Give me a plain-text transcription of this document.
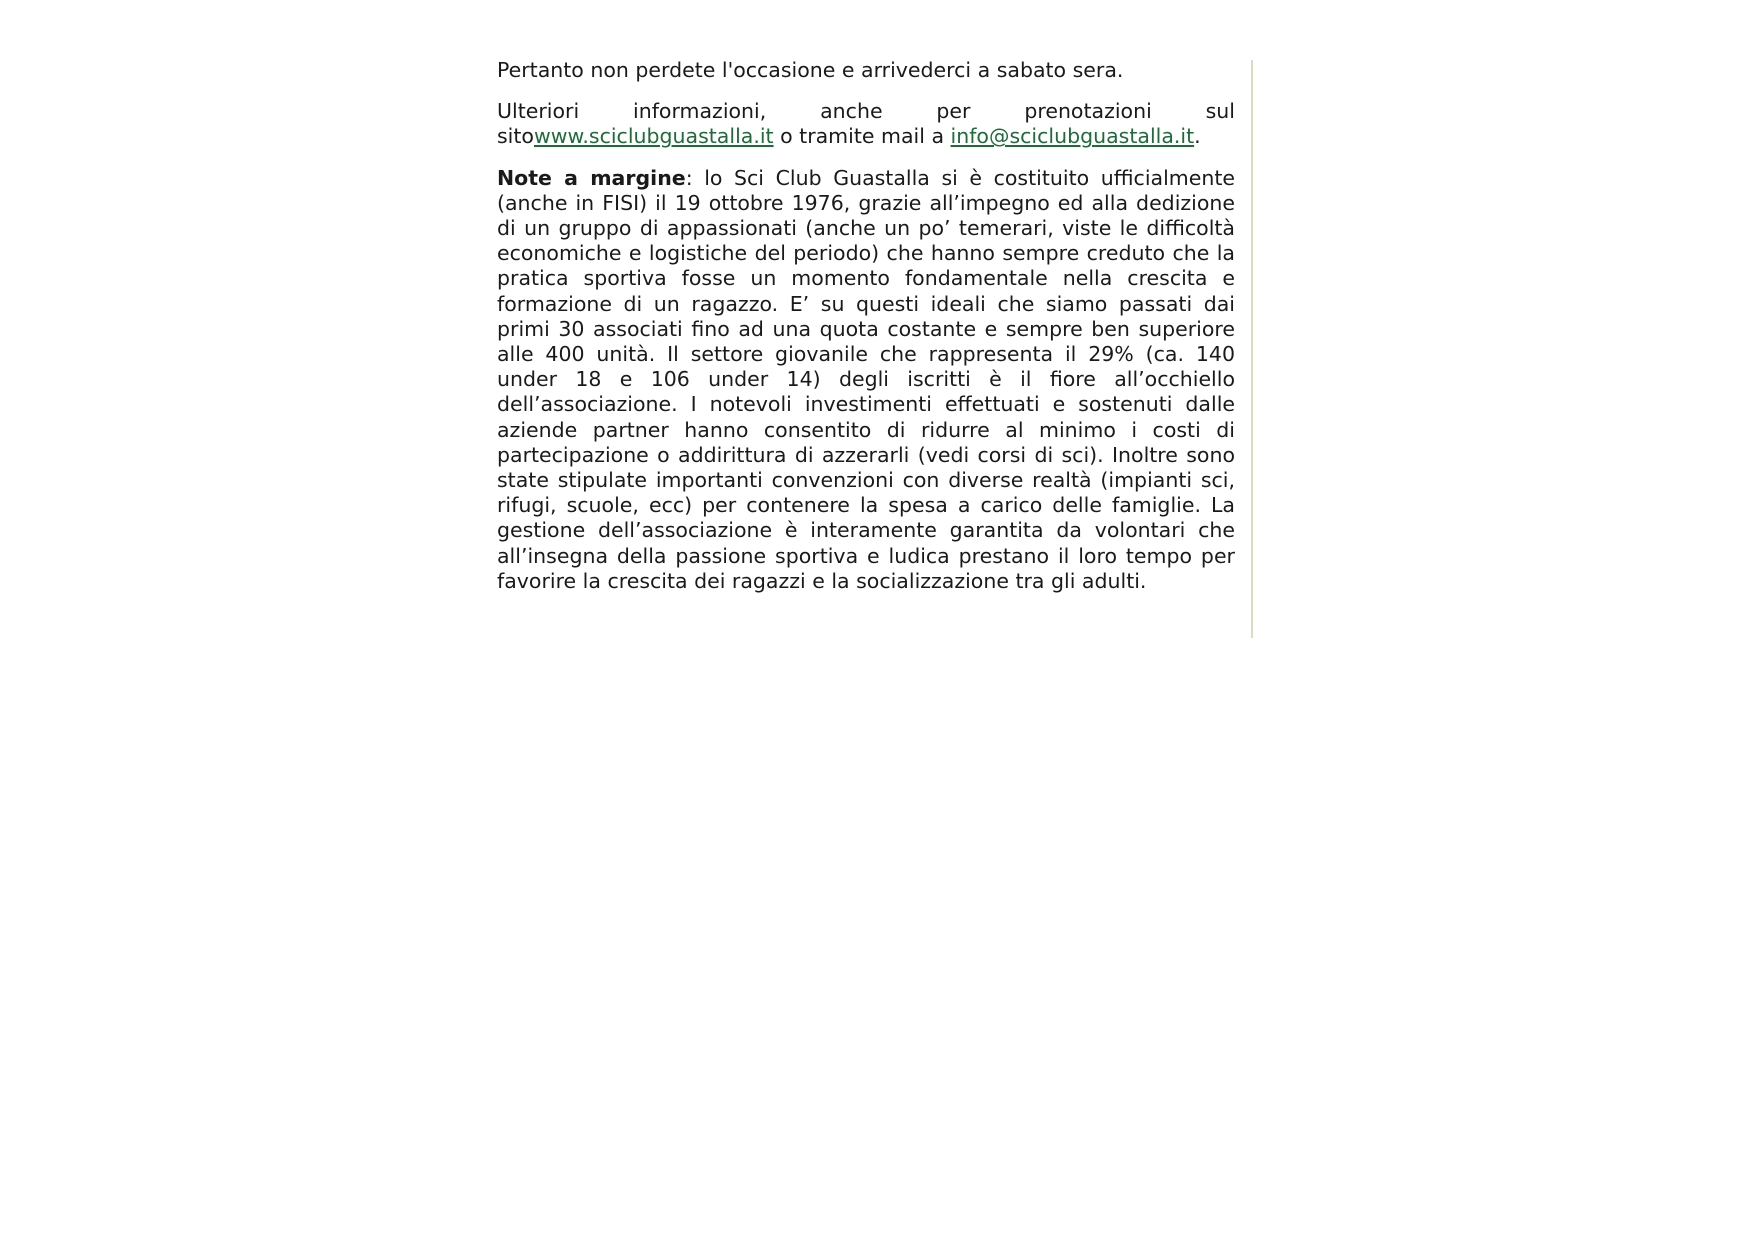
Pertanto non perdete l'occasione e arrivederci a sabato sera.

Ulteriori informazioni, anche per prenotazioni sul
sitowww.sciclubguastalla.it o tramite mail a info@sciclubguastalla.it.

Note a margine: lo Sci Club Guastalla si è costituito ufficialmente (anche in FISI) il 19 ottobre 1976, grazie all’impegno ed alla dedizione di un gruppo di appassionati (anche un po’ temerari, viste le difficoltà economiche e logistiche del periodo) che hanno sempre creduto che la pratica sportiva fosse un momento fondamentale nella crescita e formazione di un ragazzo. E’ su questi ideali che siamo passati dai primi 30 associati fino ad una quota costante e sempre ben superiore alle 400 unità. Il settore giovanile che rappresenta il 29% (ca. 140 under 18 e 106 under 14) degli iscritti è il fiore all’occhiello dell’associazione. I notevoli investimenti effettuati e sostenuti dalle aziende partner hanno consentito di ridurre al minimo i costi di partecipazione o addirittura di azzerarli (vedi corsi di sci). Inoltre sono state stipulate importanti convenzioni con diverse realtà (impianti sci, rifugi, scuole, ecc) per contenere la spesa a carico delle famiglie. La gestione dell’associazione è interamente garantita da volontari che all’insegna della passione sportiva e ludica prestano il loro tempo per favorire la crescita dei ragazzi e la socializzazione tra gli adulti.
